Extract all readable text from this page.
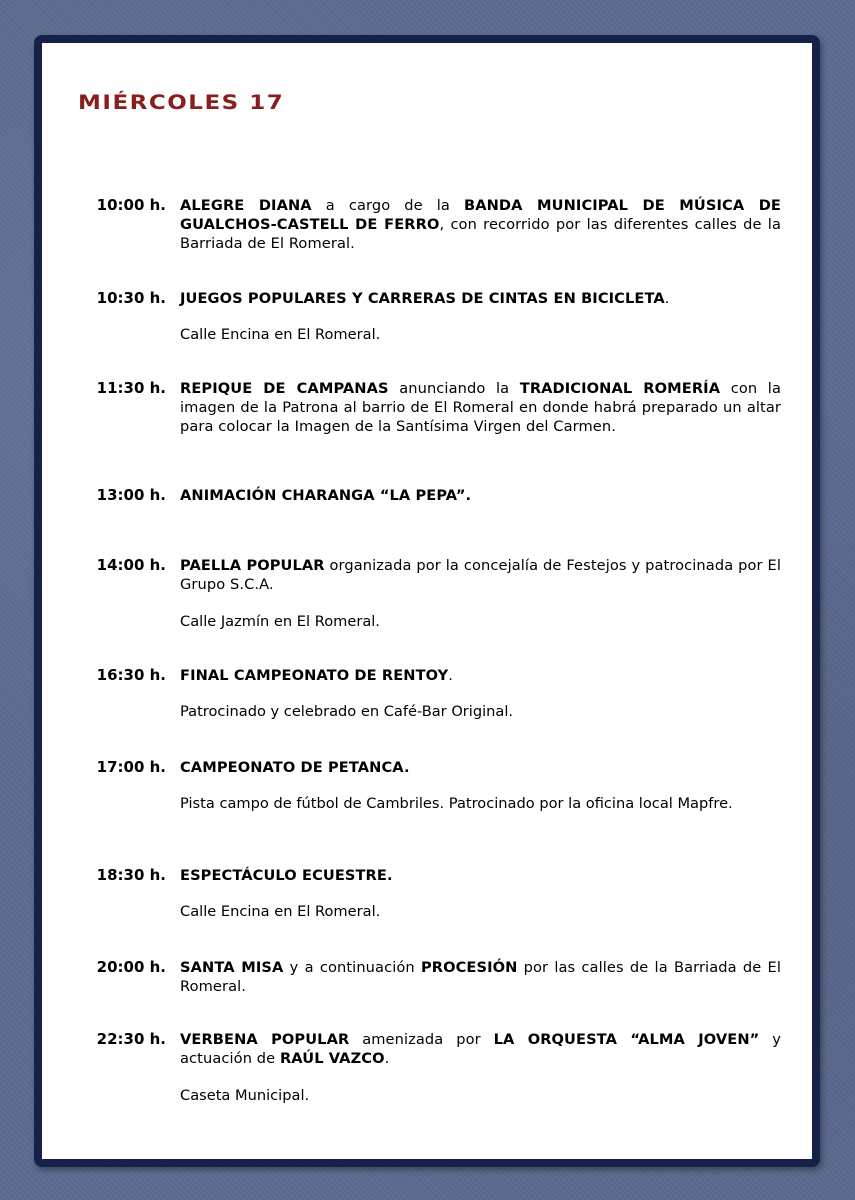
MIÉRCOLES 17
10:00 h. ALEGRE DIANA a cargo de la BANDA MUNICIPAL DE MÚSICA DE GUALCHOS-CASTELL DE FERRO, con recorrido por las diferentes calles de la Barriada de El Romeral.
10:30 h. JUEGOS POPULARES Y CARRERAS DE CINTAS EN BICICLETA.
Calle Encina en El Romeral.
11:30 h. REPIQUE DE CAMPANAS anunciando la TRADICIONAL ROMERÍA con la imagen de la Patrona al barrio de El Romeral en donde habrá preparado un altar para colocar la Imagen de la Santísima Virgen del Carmen.
13:00 h. ANIMACIÓN CHARANGA “LA PEPA”.
14:00 h. PAELLA POPULAR organizada por la concejalía de Festejos y patrocinada por El Grupo S.C.A.
Calle Jazmín en El Romeral.
16:30 h. FINAL CAMPEONATO DE RENTOY.
Patrocinado y celebrado en Café-Bar Original.
17:00 h. CAMPEONATO DE PETANCA.
Pista campo de fútbol de Cambriles. Patrocinado por la oficina local Mapfre.
18:30 h. ESPECTÁCULO ECUESTRE.
Calle Encina en El Romeral.
20:00 h. SANTA MISA y a continuación PROCESIÓN por las calles de la Barriada de El Romeral.
22:30 h. VERBENA POPULAR amenizada por LA ORQUESTA “ALMA JOVEN” y actuación de RAÚL VAZCO.
Caseta Municipal.
